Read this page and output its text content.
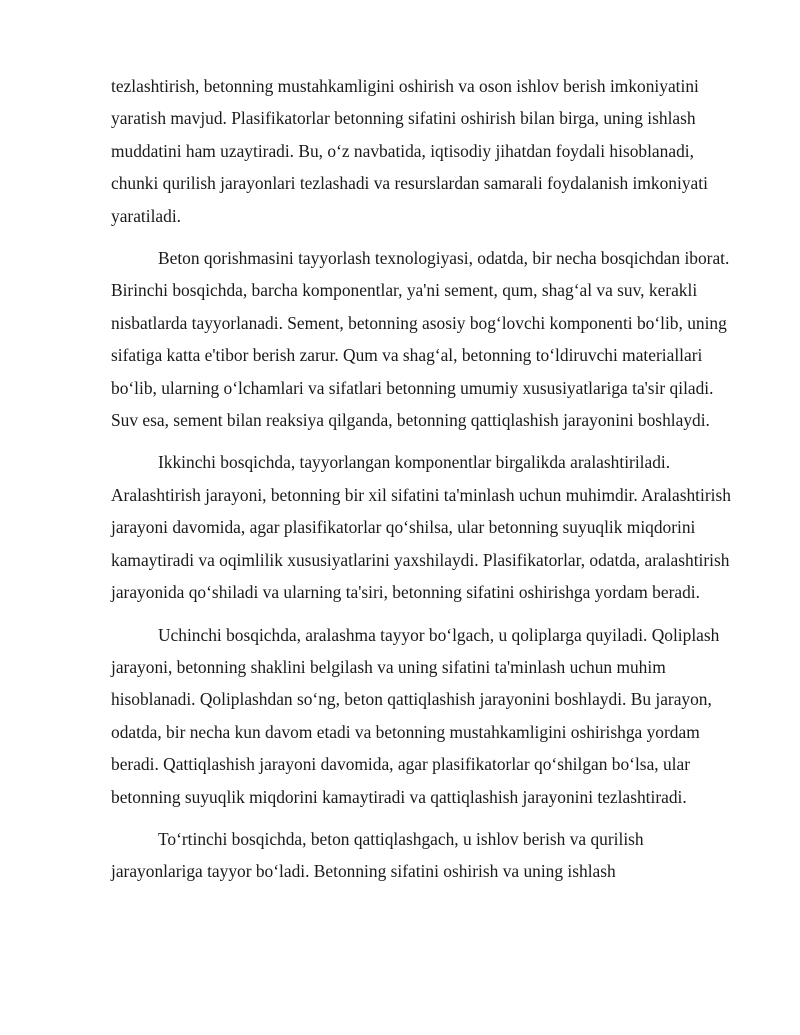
tezlashtirish, betonning mustahkamligini oshirish va oson ishlov berish imkoniyatini yaratish mavjud. Plasifikatorlar betonning sifatini oshirish bilan birga, uning ishlash muddatini ham uzaytiradi. Bu, o‘z navbatida, iqtisodiy jihatdan foydali hisoblanadi, chunki qurilish jarayonlari tezlashadi va resurslardan samarali foydalanish imkoniyati yaratiladi.

Beton qorishmasini tayyorlash texnologiyasi, odatda, bir necha bosqichdan iborat. Birinchi bosqichda, barcha komponentlar, ya'ni sement, qum, shag‘al va suv, kerakli nisbatlarda tayyorlanadi. Sement, betonning asosiy bog‘lovchi komponenti bo‘lib, uning sifatiga katta e'tibor berish zarur. Qum va shag‘al, betonning to‘ldiruvchi materiallari bo‘lib, ularning o‘lchamlari va sifatlari betonning umumiy xususiyatlariga ta'sir qiladi. Suv esa, sement bilan reaksiya qilganda, betonning qattiqlashish jarayonini boshlaydi.

Ikkinchi bosqichda, tayyorlangan komponentlar birgalikda aralashtiriladi. Aralashtirish jarayoni, betonning bir xil sifatini ta'minlash uchun muhimdir. Aralashtirish jarayoni davomida, agar plasifikatorlar qo‘shilsa, ular betonning suyuqlik miqdorini kamaytiradi va oqimlilik xususiyatlarini yaxshilaydi. Plasifikatorlar, odatda, aralashtirish jarayonida qo‘shiladi va ularning ta'siri, betonning sifatini oshirishga yordam beradi.

Uchinchi bosqichda, aralashma tayyor bo‘lgach, u qoliplarga quyiladi. Qoliplash jarayoni, betonning shaklini belgilash va uning sifatini ta'minlash uchun muhim hisoblanadi. Qoliplashdan so‘ng, beton qattiqlashish jarayonini boshlaydi. Bu jarayon, odatda, bir necha kun davom etadi va betonning mustahkamligini oshirishga yordam beradi. Qattiqlashish jarayoni davomida, agar plasifikatorlar qo‘shilgan bo‘lsa, ular betonning suyuqlik miqdorini kamaytiradi va qattiqlashish jarayonini tezlashtiradi.

To‘rtinchi bosqichda, beton qattiqlashgach, u ishlov berish va qurilish jarayonlariga tayyor bo‘ladi. Betonning sifatini oshirish va uning ishlash
